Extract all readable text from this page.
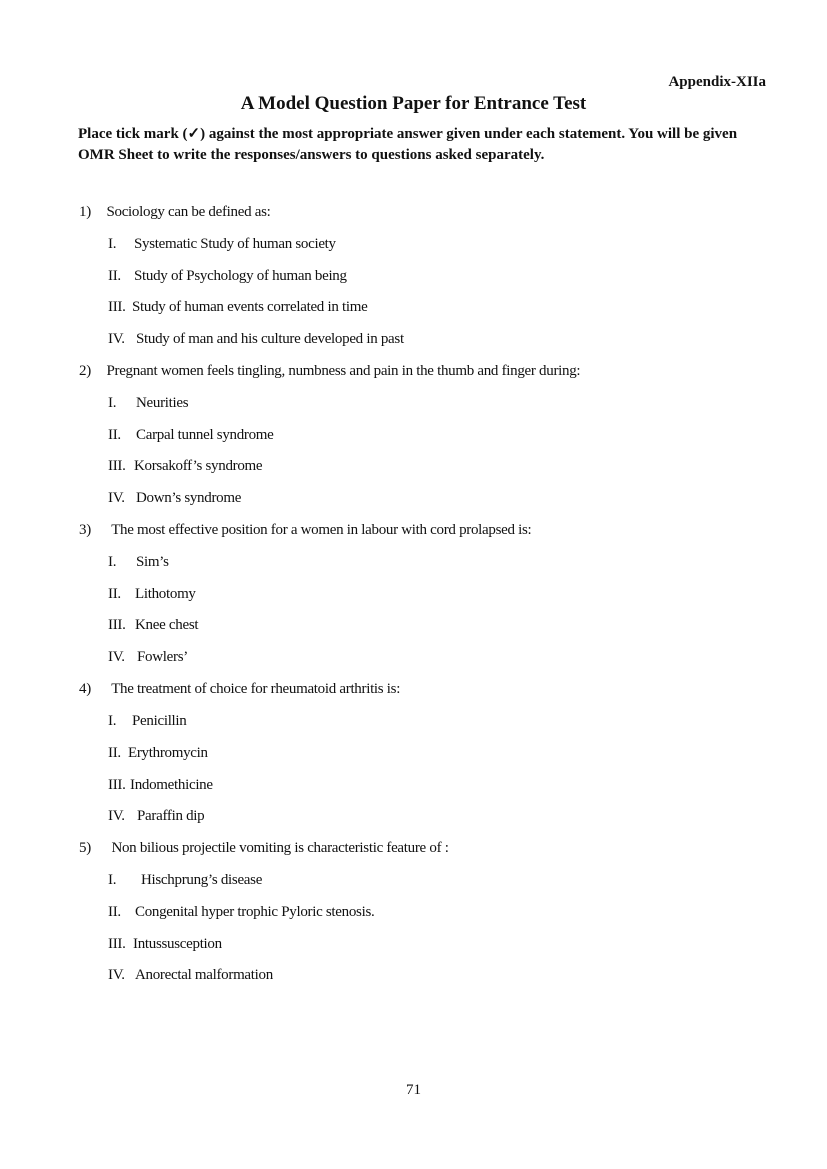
Appendix-XIIa
A Model Question Paper for Entrance Test
Place tick mark (✓) against the most appropriate answer given under each statement. You will be given OMR Sheet to write the responses/answers to questions asked separately.
1) Sociology can be defined as:
I. Systematic Study of human society
II. Study of Psychology of human being
III. Study of human events correlated in time
IV. Study of man and his culture developed in past
2) Pregnant women feels tingling, numbness and pain in the thumb and finger during:
I. Neurities
II. Carpal tunnel syndrome
III. Korsakoff’s syndrome
IV. Down’s syndrome
3) The most effective position for a women in labour with cord prolapsed is:
I. Sim’s
II. Lithotomy
III. Knee chest
IV. Fowlers’
4) The treatment of choice for rheumatoid arthritis is:
I. Penicillin
II. Erythromycin
III. Indomethicine
IV. Paraffin dip
5) Non bilious projectile vomiting is characteristic feature of :
I. Hischprung’s disease
II. Congenital hyper trophic Pyloric stenosis.
III. Intussusception
IV. Anorectal malformation
71
